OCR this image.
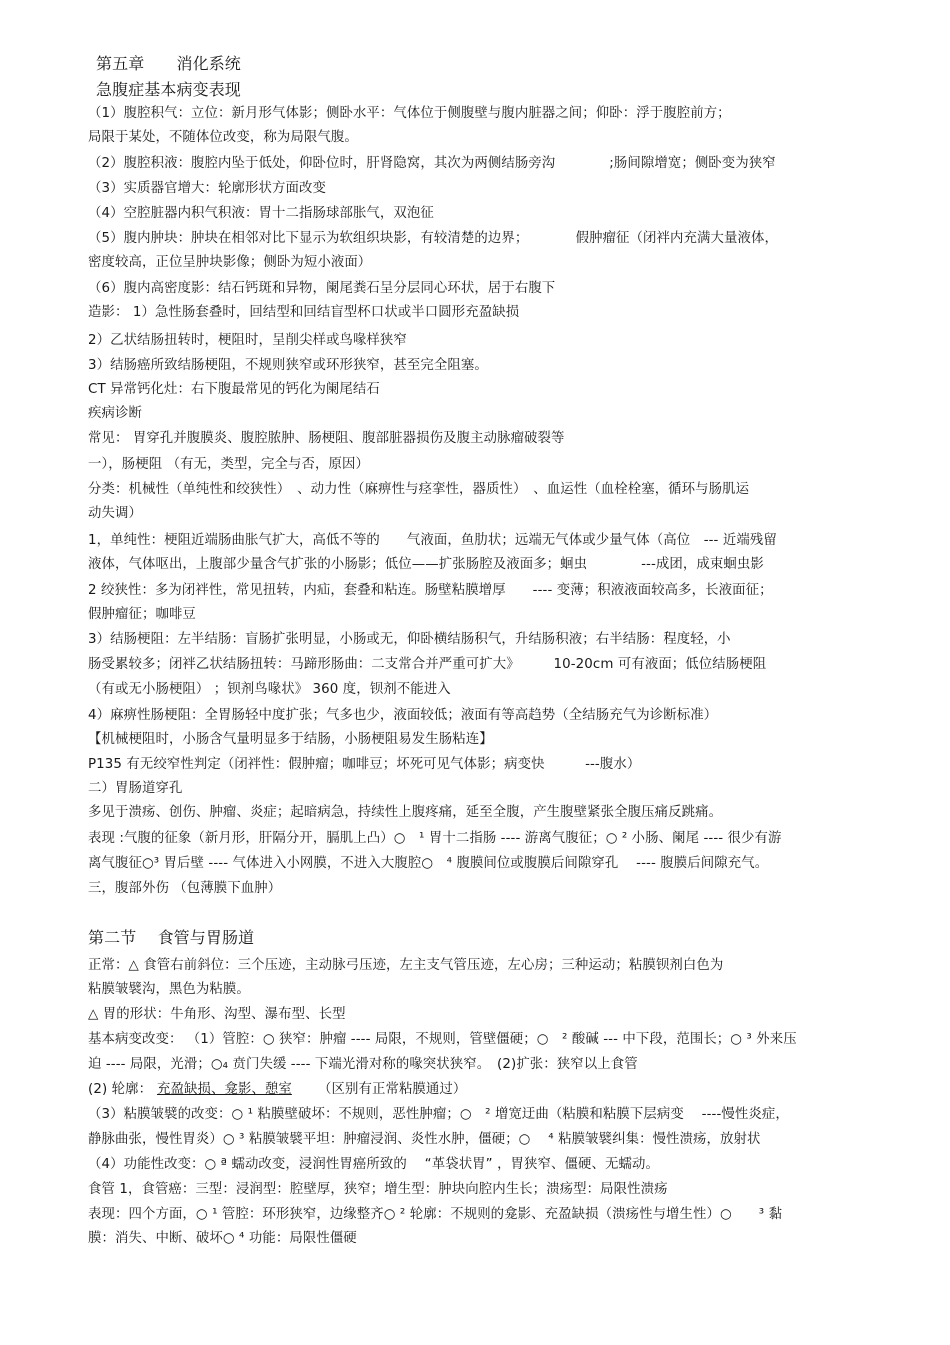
第五章　　消化系统
急腹症基本病变表现
（1）腹腔积气：立位：新月形气体影；侧卧水平：气体位于侧腹壁与腹内脏器之间；仰卧：浮于腹腔前方；
局限于某处，不随体位改变，称为局限气腹。
（2）腹腔积液：腹腔内坠于低处，仰卧位时，肝肾隐窝，其次为两侧结肠旁沟　　　　;肠间隙增宽；侧卧变为狭窄
（3）实质器官增大：轮廓形状方面改变
（4）空腔脏器内积气积液：胃十二指肠球部胀气，双泡征
（5）腹内肿块：肿块在相邻对比下显示为软组织块影，有较清楚的边界；　　　　假肿瘤征（闭袢内充满大量液体，
密度较高，正位呈肿块影像；侧卧为短小液面）
（6）腹内高密度影：结石钙斑和异物，阑尾粪石呈分层同心环状，居于右腹下
造影： 1）急性肠套叠时，回结型和回结盲型杯口状或半口圆形充盈缺损
2）乙状结肠扭转时，梗阻时，呈削尖样或鸟喙样狭窄
3）结肠癌所致结肠梗阻，不规则狭窄或环形狭窄，甚至完全阻塞。
CT 异常钙化灶：右下腹最常见的钙化为阑尾结石
疾病诊断
常见： 胃穿孔并腹膜炎、腹腔脓肿、肠梗阻、腹部脏器损伤及腹主动脉瘤破裂等
一），肠梗阻 （有无，类型，完全与否，原因）
分类：机械性（单纯性和绞狭性）　、动力性（麻痹性与痉挛性，器质性）　、血运性（血栓栓塞，循环与肠肌运
动失调）
1，单纯性：梗阻近端肠曲胀气扩大，高低不等的　　气液面，鱼肋状；远端无气体或少量气体（高位　--- 近端残留
液体，气体呕出，上腹部少量含气扩张的小肠影；低位——扩张肠腔及液面多；蛔虫　　　　---成团，成束蛔虫影
2 绞狭性：多为闭袢性，常见扭转，内疝，套叠和粘连。肠壁粘膜增厚　　---- 变薄；积液液面较高多，长液面征；
假肿瘤征；咖啡豆
3）结肠梗阻：左半结肠：盲肠扩张明显，小肠或无，仰卧横结肠积气，升结肠积液；右半结肠：程度轻，小
肠受累较多；闭袢乙状结肠扭转：马蹄形肠曲：二支常合并严重可扩大》　　　10-20cm 可有液面；低位结肠梗阻
（有或无小肠梗阻） ；钡剂鸟喙状》 360 度，钡剂不能进入
4）麻痹性肠梗阻：全胃肠轻中度扩张；气多也少，液面较低；液面有等高趋势（全结肠充气为诊断标准）
【机械梗阻时，小肠含气量明显多于结肠，小肠梗阻易发生肠粘连】
P135 有无绞窄性判定（闭袢性：假肿瘤；咖啡豆；坏死可见气体影；病变快　　　---腹水）
二）胃肠道穿孔
多见于溃疡、创伤、肿瘤、炎症；起暗病急，持续性上腹疼痛，延至全腹，产生腹壁紧张全腹压痛反跳痛。
表现 :气腹的征象（新月形，肝隔分开，膈肌上凸）○　¹ 胃十二指肠 ---- 游离气腹征；○ ² 小肠、阑尾 ---- 很少有游
离气腹征○³ 胃后壁 ---- 气体进入小网膜，不进入大腹腔○　⁴ 腹膜间位或腹膜后间隙穿孔　 ---- 腹膜后间隙充气。
三，腹部外伤 （包薄膜下血肿）
第二节　 食管与胃肠道
正常：△ 食管右前斜位：三个压迹，主动脉弓压迹，左主支气管压迹，左心房；三种运动；粘膜钡剂白色为
粘膜皱襞沟，黑色为粘膜。
△ 胃的形状：牛角形、沟型、瀑布型、长型
基本病变改变： （1）管腔：○ 狭窄：肿瘤 ---- 局限，不规则，管壁僵硬；○　² 酸碱 --- 中下段，范围长；○ ³ 外来压
迫 ---- 局限，光滑；○₄ 贲门失缓 ---- 下端光滑对称的喙突状狭窄。　(2)扩张：狭窄以上食管
(2) 轮廓： 充盈缺损、龛影、憩室 （区别有正常粘膜通过）
（3）粘膜皱襞的改变：○ ¹ 粘膜壁破坏：不规则，恶性肿瘤；○　² 增宽迂曲（粘膜和粘膜下层病变　 ----慢性炎症，
静脉曲张，慢性胃炎）○ ³ 粘膜皱襞平坦：肿瘤浸润、炎性水肿，僵硬；○　 ⁴ 粘膜皱襞纠集：慢性溃疡，放射状
（4）功能性改变：○ ª 蠕动改变，浸润性胃癌所致的　 “革袋状胃” ，胃狭窄、僵硬、无蠕动。
食管 1，食管癌：三型：浸润型：腔壁厚，狭窄；增生型：肿块向腔内生长；溃疡型：局限性溃疡
表现：四个方面，○ ¹ 管腔：环形狭窄，边缘整齐○ ² 轮廓：不规则的龛影、充盈缺损（溃疡性与增生性）○　　³ 黏
膜：消失、中断、破坏○ ⁴ 功能：局限性僵硬
